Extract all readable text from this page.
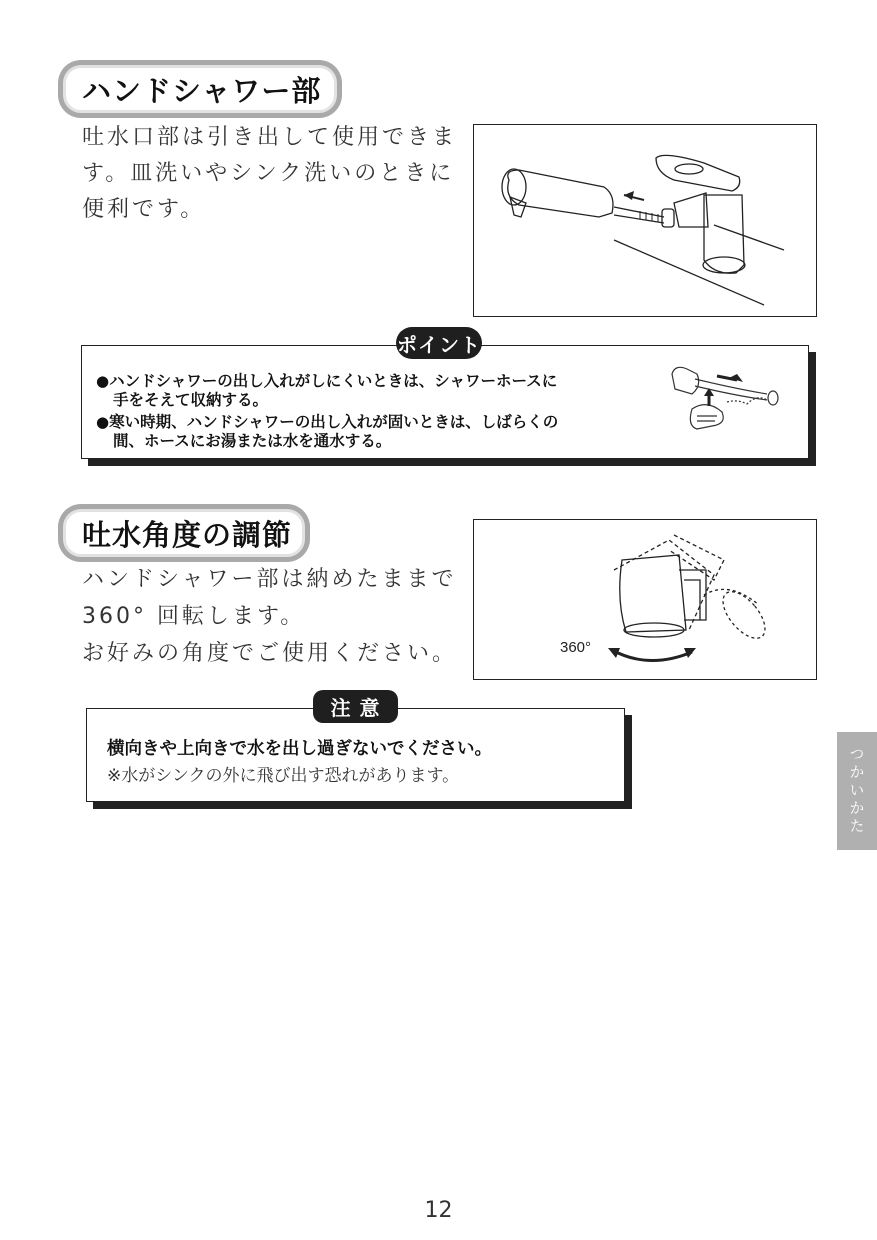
ハンドシャワー部

吐水口部は引き出して使用できま
す。皿洗いやシンク洗いのときに
便利です。

●ハンドシャワーの出し入れがしにくいときは、シャワーホースに
手をそえて収納する。
●寒い時期、ハンドシャワーの出し入れが固いときは、しばらくの
間、ホースにお湯または水を通水する。
ポイント
吐水角度の調節

ハンドシャワー部は納めたままで
360° 回転します。
お好みの角度でご使用ください。	360°
横向きや上向きで水を出し過ぎないでください。
※水がシンクの外に飛び出す恐れがあります。
注 意
つかいかた
12
